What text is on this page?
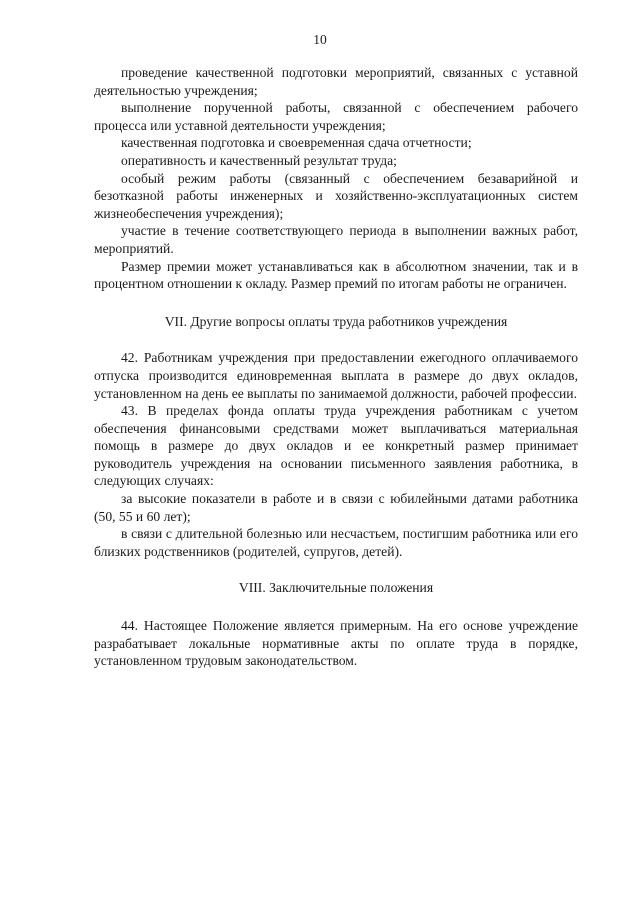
10

проведение качественной подготовки мероприятий, связанных с уставной деятельностью учреждения;

выполнение порученной работы, связанной с обеспечением рабочего процесса или уставной деятельности учреждения;

качественная подготовка и своевременная сдача отчетности;

оперативность и качественный результат труда;

особый режим работы (связанный с обеспечением безаварийной и безотказной работы инженерных и хозяйственно-эксплуатационных систем жизнеобеспечения учреждения);

участие в течение соответствующего периода в выполнении важных работ, мероприятий.

Размер премии может устанавливаться как в абсолютном значении, так и в процентном отношении к окладу. Размер премий по итогам работы не ограничен.

VII. Другие вопросы оплаты труда работников учреждения

42. Работникам учреждения при предоставлении ежегодного оплачиваемого отпуска производится единовременная выплата в размере до двух окладов, установленном на день ее выплаты по занимаемой должности, рабочей профессии.

43. В пределах фонда оплаты труда учреждения работникам с учетом обеспечения финансовыми средствами может выплачиваться материальная помощь в размере до двух окладов и ее конкретный размер принимает руководитель учреждения на основании письменного заявления работника, в следующих случаях:

за высокие показатели в работе и в связи с юбилейными датами работника (50, 55 и 60 лет);

в связи с длительной болезнью или несчастьем, постигшим работника или его близких родственников (родителей, супругов, детей).

VIII. Заключительные положения

44. Настоящее Положение является примерным. На его основе учреждение разрабатывает локальные нормативные акты по оплате труда в порядке, установленном трудовым законодательством.
